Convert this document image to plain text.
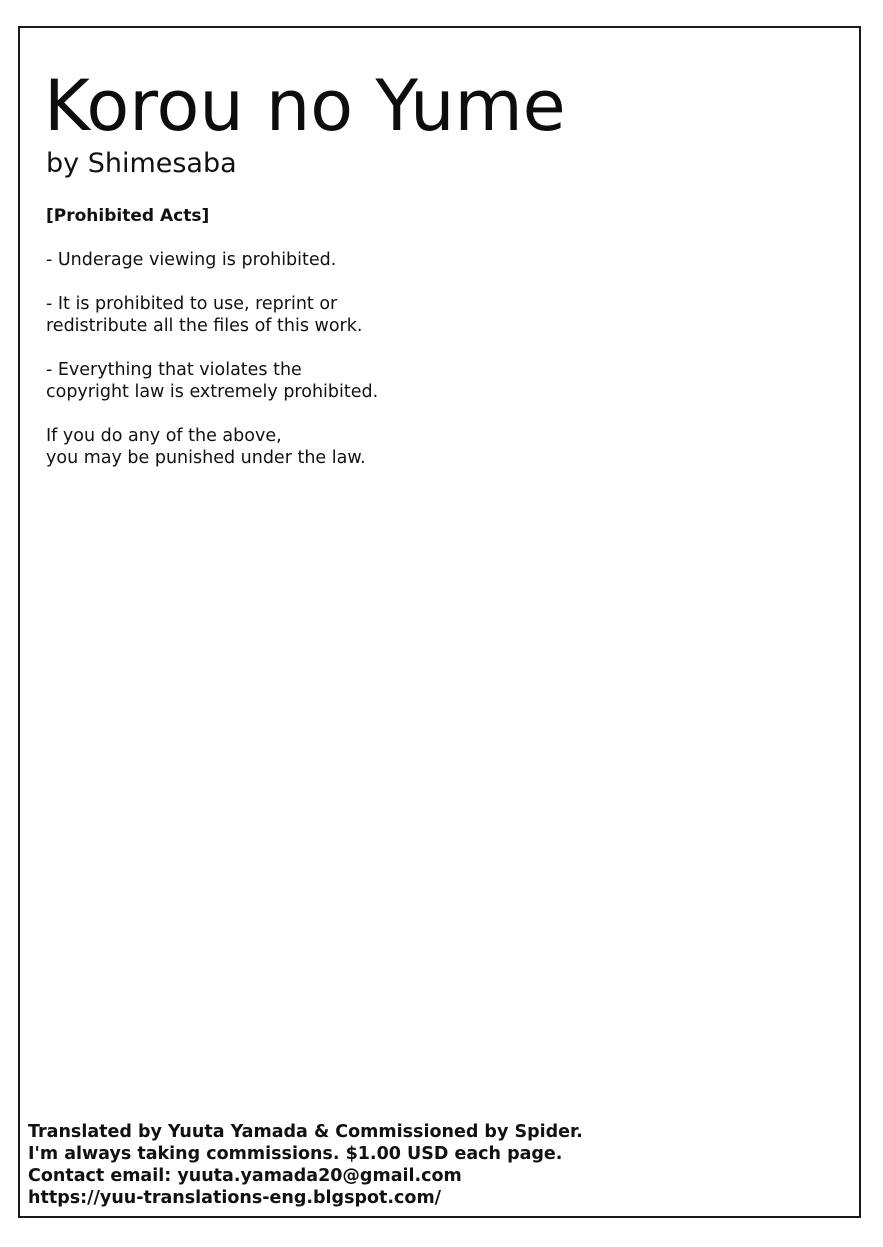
Korou no Yume

by Shimesaba

[Prohibited Acts]

- Underage viewing is prohibited.

- It is prohibited to use, reprint or
redistribute all the files of this work.

- Everything that violates the
copyright law is extremely prohibited.

If you do any of the above,
you may be punished under the law.

Translated by Yuuta Yamada & Commissioned by Spider.

I'm always taking commissions. $1.00 USD each page.

Contact email: yuuta.yamada20@gmail.com

https://yuu-translations-eng.blgspot.com/
